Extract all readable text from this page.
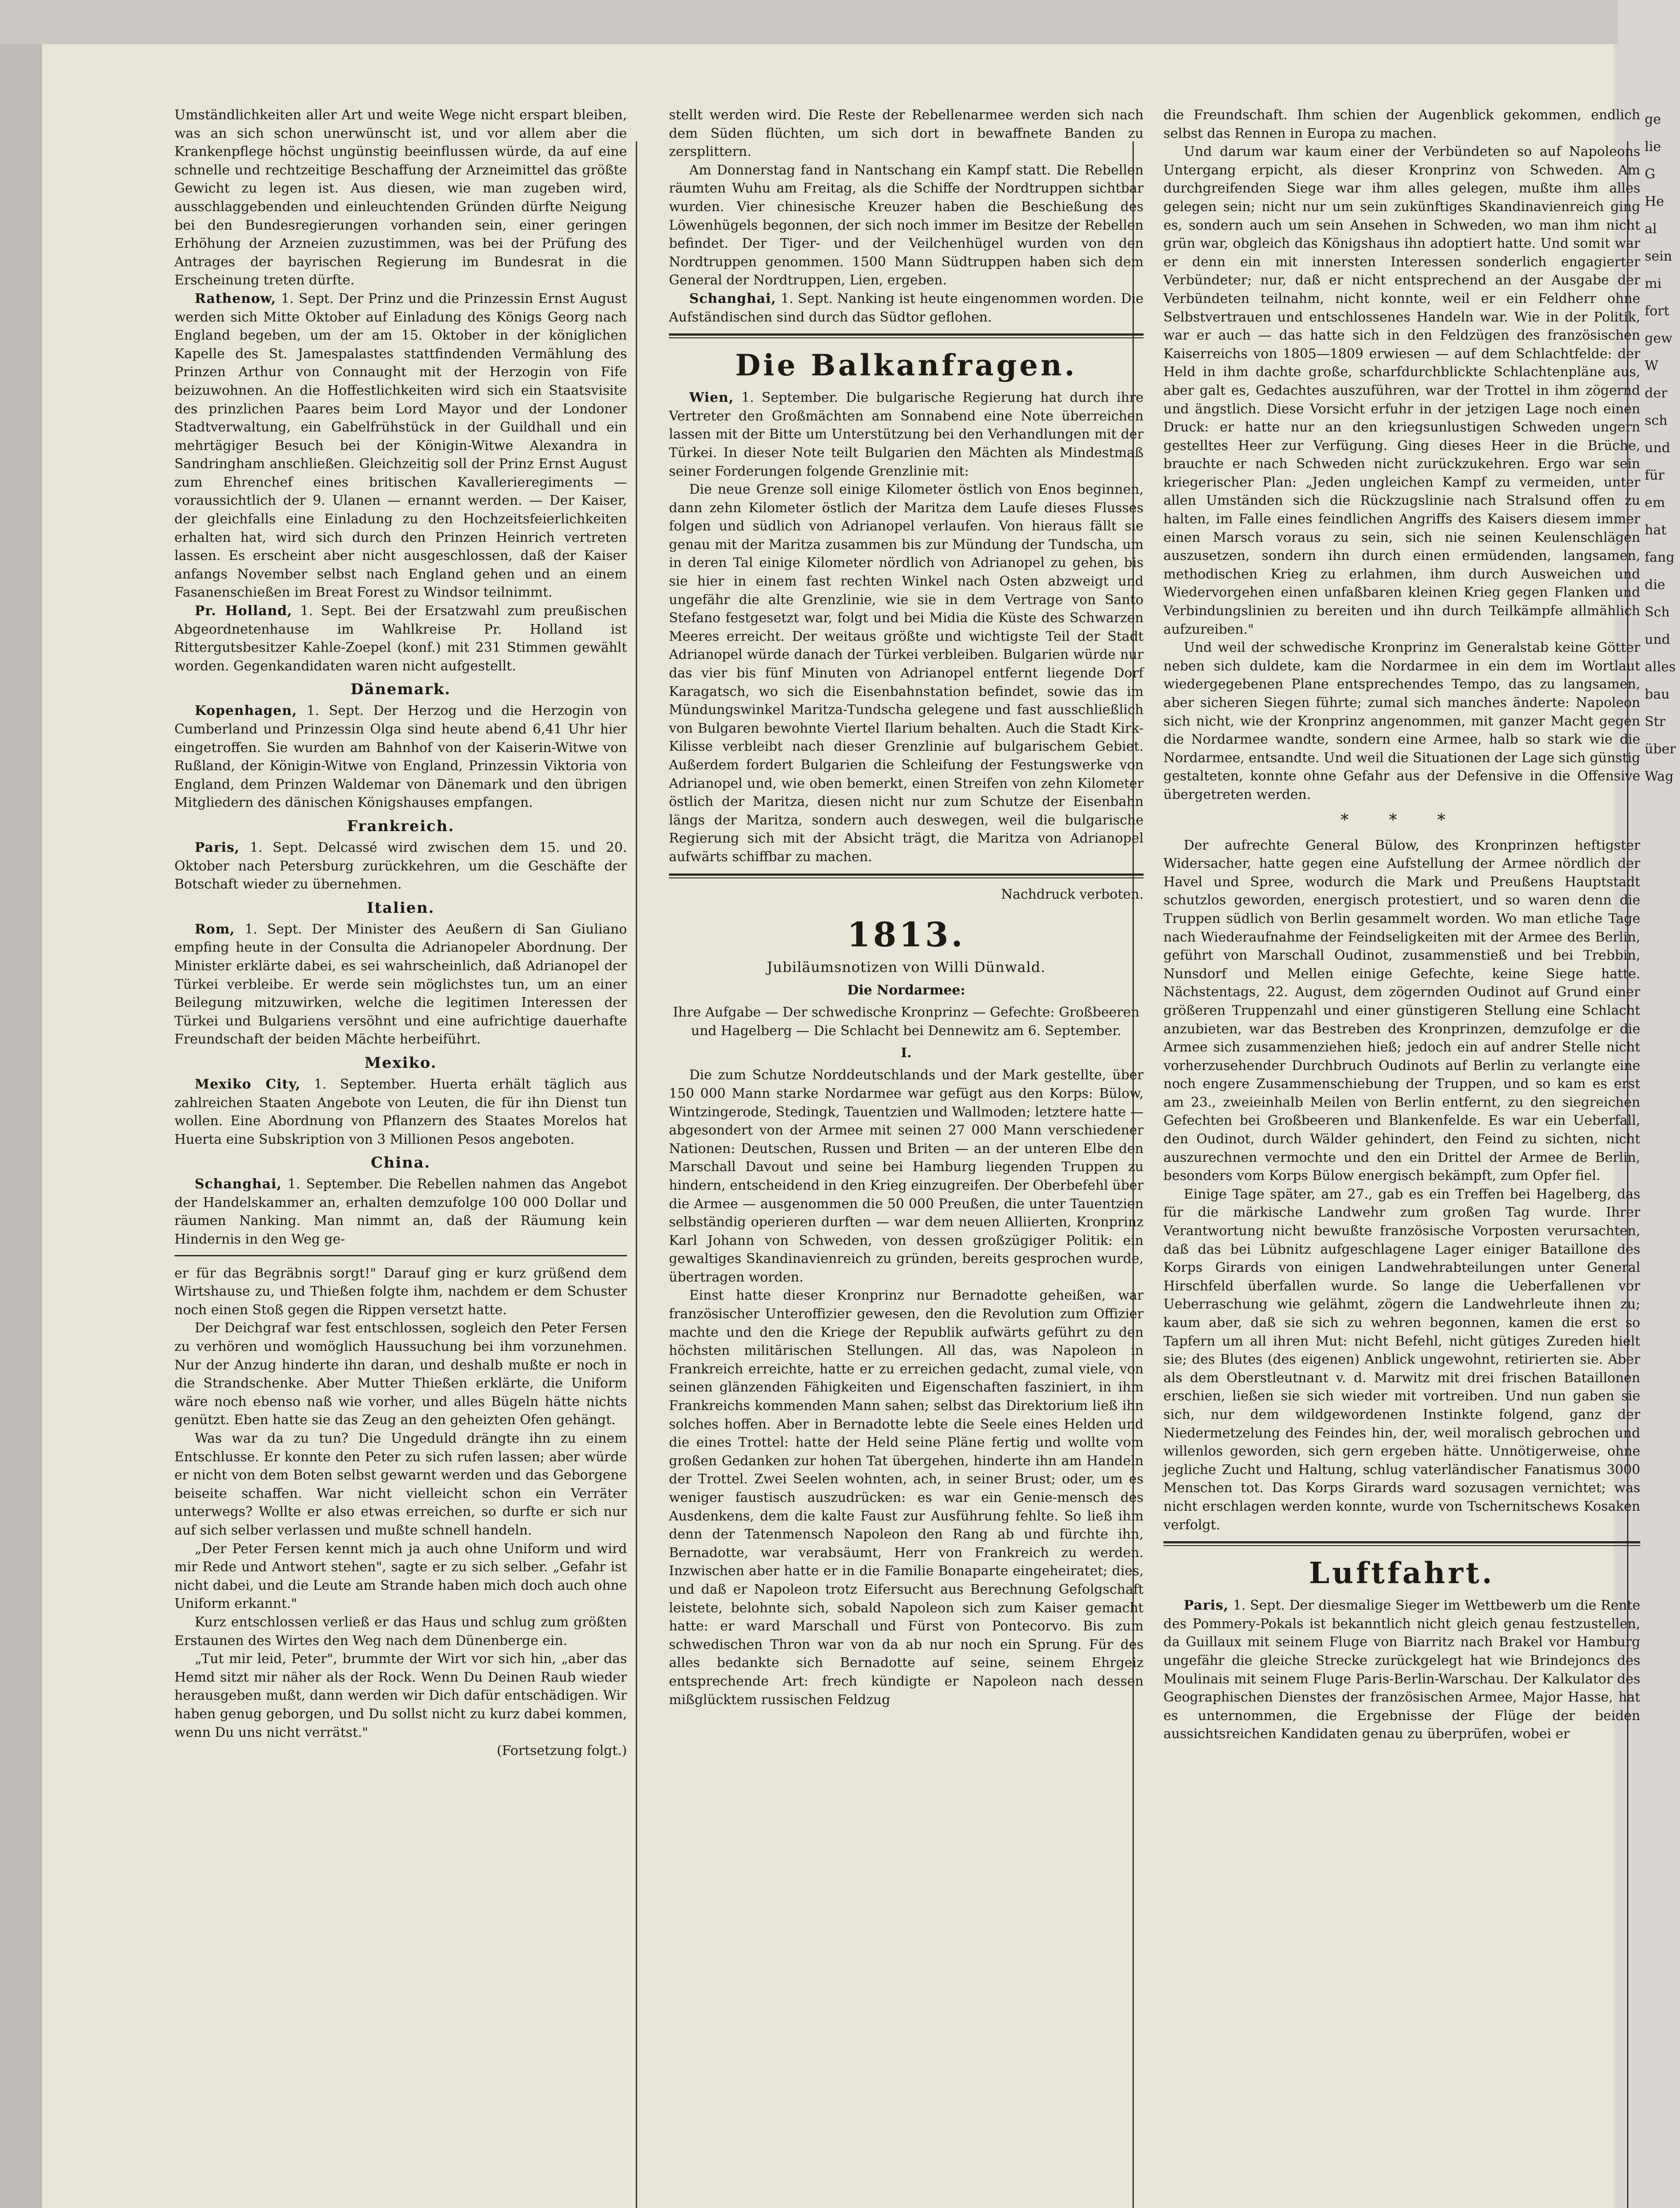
Umständlichkeiten aller Art und weite Wege nicht erspart bleiben, was an sich schon unerwünscht ist, und vor allem aber die Krankenpflege höchst ungünstig beeinflussen würde, da auf eine schnelle und rechtzeitige Beschaffung der Arzneimittel das größte Gewicht zu legen ist. Aus diesen, wie man zugeben wird, ausschlaggebenden und einleuchtenden Gründen dürfte Neigung bei den Bundesregierungen vorhanden sein, einer geringen Erhöhung der Arzneien zuzustimmen, was bei der Prüfung des Antrages der bayrischen Regierung im Bundesrat in die Erscheinung treten dürfte.

Rathenow, 1. Sept. Der Prinz und die Prinzessin Ernst August werden sich Mitte Oktober auf Einladung des Königs Georg nach England begeben, um der am 15. Oktober in der königlichen Kapelle des St. Jamespalastes stattfindenden Vermählung des Prinzen Arthur von Connaught mit der Herzogin von Fife beizuwohnen. An die Hoffestlichkeiten wird sich ein Staatsvisite des prinzlichen Paares beim Lord Mayor und der Londoner Stadtverwaltung, ein Gabelfrühstück in der Guildhall und ein mehrtägiger Besuch bei der Königin-Witwe Alexandra in Sandringham anschließen. Gleichzeitig soll der Prinz Ernst August zum Ehrenchef eines britischen Kavallerieregiments — voraussichtlich der 9. Ulanen — ernannt werden. — Der Kaiser, der gleichfalls eine Einladung zu den Hochzeitsfeierlichkeiten erhalten hat, wird sich durch den Prinzen Heinrich vertreten lassen. Es erscheint aber nicht ausgeschlossen, daß der Kaiser anfangs November selbst nach England gehen und an einem Fasanenschießen im Breat Forest zu Windsor teilnimmt.

Pr. Holland, 1. Sept. Bei der Ersatzwahl zum preußischen Abgeordnetenhause im Wahlkreise Pr. Holland ist Rittergutsbesitzer Kahle-Zoepel (konf.) mit 231 Stimmen gewählt worden. Gegenkandidaten waren nicht aufgestellt.

Dänemark.

Kopenhagen, 1. Sept. Der Herzog und die Herzogin von Cumberland und Prinzessin Olga sind heute abend 6,41 Uhr hier eingetroffen. Sie wurden am Bahnhof von der Kaiserin-Witwe von Rußland, der Königin-Witwe von England, Prinzessin Viktoria von England, dem Prinzen Waldemar von Dänemark und den übrigen Mitgliedern des dänischen Königshauses empfangen.

Frankreich.

Paris, 1. Sept. Delcassé wird zwischen dem 15. und 20. Oktober nach Petersburg zurückkehren, um die Geschäfte der Botschaft wieder zu übernehmen.

Italien.

Rom, 1. Sept. Der Minister des Aeußern di San Giuliano empfing heute in der Consulta die Adrianopeler Abordnung. Der Minister erklärte dabei, es sei wahrscheinlich, daß Adrianopel der Türkei verbleibe. Er werde sein möglichstes tun, um an einer Beilegung mitzuwirken, welche die legitimen Interessen der Türkei und Bulgariens versöhnt und eine aufrichtige dauerhafte Freundschaft der beiden Mächte herbeiführt.

Mexiko.

Mexiko City, 1. September. Huerta erhält täglich aus zahlreichen Staaten Angebote von Leuten, die für ihn Dienst tun wollen. Eine Abordnung von Pflanzern des Staates Morelos hat Huerta eine Subskription von 3 Millionen Pesos angeboten.

China.

Schanghai, 1. September. Die Rebellen nahmen das Angebot der Handelskammer an, erhalten demzufolge 100 000 Dollar und räumen Nanking. Man nimmt an, daß der Räumung kein Hindernis in den Weg ge-

er für das Begräbnis sorgt!" Darauf ging er kurz grüßend dem Wirtshause zu, und Thießen folgte ihm, nachdem er dem Schuster noch einen Stoß gegen die Rippen versetzt hatte.

Der Deichgraf war fest entschlossen, sogleich den Peter Fersen zu verhören und womöglich Haussuchung bei ihm vorzunehmen. Nur der Anzug hinderte ihn daran, und deshalb mußte er noch in die Strandschenke. Aber Mutter Thießen erklärte, die Uniform wäre noch ebenso naß wie vorher, und alles Bügeln hätte nichts genützt. Eben hatte sie das Zeug an den geheizten Ofen gehängt.

Was war da zu tun? Die Ungeduld drängte ihn zu einem Entschlusse. Er konnte den Peter zu sich rufen lassen; aber würde er nicht von dem Boten selbst gewarnt werden und das Geborgene beiseite schaffen. War nicht vielleicht schon ein Verräter unterwegs? Wollte er also etwas erreichen, so durfte er sich nur auf sich selber verlassen und mußte schnell handeln.

„Der Peter Fersen kennt mich ja auch ohne Uniform und wird mir Rede und Antwort stehen", sagte er zu sich selber. „Gefahr ist nicht dabei, und die Leute am Strande haben mich doch auch ohne Uniform erkannt."

Kurz entschlossen verließ er das Haus und schlug zum größten Erstaunen des Wirtes den Weg nach dem Dünenberge ein.

„Tut mir leid, Peter", brummte der Wirt vor sich hin, „aber das Hemd sitzt mir näher als der Rock. Wenn Du Deinen Raub wieder herausgeben mußt, dann werden wir Dich dafür entschädigen. Wir haben genug geborgen, und Du sollst nicht zu kurz dabei kommen, wenn Du uns nicht verrätst."

(Fortsetzung folgt.)

stellt werden wird. Die Reste der Rebellenarmee werden sich nach dem Süden flüchten, um sich dort in bewaffnete Banden zu zersplittern.

Am Donnerstag fand in Nantschang ein Kampf statt. Die Rebellen räumten Wuhu am Freitag, als die Schiffe der Nordtruppen sichtbar wurden. Vier chinesische Kreuzer haben die Beschießung des Löwenhügels begonnen, der sich noch immer im Besitze der Rebellen befindet. Der Tiger- und der Veilchenhügel wurden von den Nordtruppen genommen. 1500 Mann Südtruppen haben sich dem General der Nordtruppen, Lien, ergeben.

Schanghai, 1. Sept. Nanking ist heute eingenommen worden. Die Aufständischen sind durch das Südtor geflohen.

Die Balkanfragen.

Wien, 1. September. Die bulgarische Regierung hat durch ihre Vertreter den Großmächten am Sonnabend eine Note überreichen lassen mit der Bitte um Unterstützung bei den Verhandlungen mit der Türkei. In dieser Note teilt Bulgarien den Mächten als Mindestmaß seiner Forderungen folgende Grenzlinie mit:

Die neue Grenze soll einige Kilometer östlich von Enos beginnen, dann zehn Kilometer östlich der Maritza dem Laufe dieses Flusses folgen und südlich von Adrianopel verlaufen. Von hieraus fällt sie genau mit der Maritza zusammen bis zur Mündung der Tundscha, um in deren Tal einige Kilometer nördlich von Adrianopel zu gehen, bis sie hier in einem fast rechten Winkel nach Osten abzweigt und ungefähr die alte Grenzlinie, wie sie in dem Vertrage von Santo Stefano festgesetzt war, folgt und bei Midia die Küste des Schwarzen Meeres erreicht. Der weitaus größte und wichtigste Teil der Stadt Adrianopel würde danach der Türkei verbleiben. Bulgarien würde nur das vier bis fünf Minuten von Adrianopel entfernt liegende Dorf Karagatsch, wo sich die Eisenbahnstation befindet, sowie das im Mündungswinkel Maritza-Tundscha gelegene und fast ausschließlich von Bulgaren bewohnte Viertel Ilarium behalten. Auch die Stadt Kirk-Kilisse verbleibt nach dieser Grenzlinie auf bulgarischem Gebiet. Außerdem fordert Bulgarien die Schleifung der Festungswerke von Adrianopel und, wie oben bemerkt, einen Streifen von zehn Kilometer östlich der Maritza, diesen nicht nur zum Schutze der Eisenbahn längs der Maritza, sondern auch deswegen, weil die bulgarische Regierung sich mit der Absicht trägt, die Maritza von Adrianopel aufwärts schiffbar zu machen.

Nachdruck verboten.

1813.
Jubiläumsnotizen von Willi Dünwald.
Die Nordarmee:

Ihre Aufgabe — Der schwedische Kronprinz — Gefechte: Großbeeren und Hagelberg — Die Schlacht bei Dennewitz am 6. September.

I.

Die zum Schutze Norddeutschlands und der Mark gestellte, über 150 000 Mann starke Nordarmee war gefügt aus den Korps: Bülow, Wintzingerode, Stedingk, Tauentzien und Wallmoden; letztere hatte — abgesondert von der Armee mit seinen 27 000 Mann verschiedener Nationen: Deutschen, Russen und Briten — an der unteren Elbe den Marschall Davout und seine bei Hamburg liegenden Truppen zu hindern, entscheidend in den Krieg einzugreifen. Der Oberbefehl über die Armee — ausgenommen die 50 000 Preußen, die unter Tauentzien selbständig operieren durften — war dem neuen Alliierten, Kronprinz Karl Johann von Schweden, von dessen großzügiger Politik: ein gewaltiges Skandinavienreich zu gründen, bereits gesprochen wurde, übertragen worden.

Einst hatte dieser Kronprinz nur Bernadotte geheißen, war französischer Unteroffizier gewesen, den die Revolution zum Offizier machte und den die Kriege der Republik aufwärts geführt zu den höchsten militärischen Stellungen. All das, was Napoleon in Frankreich erreichte, hatte er zu erreichen gedacht, zumal viele, von seinen glänzenden Fähigkeiten und Eigenschaften fasziniert, in ihm Frankreichs kommenden Mann sahen; selbst das Direktorium ließ ihn solches hoffen. Aber in Bernadotte lebte die Seele eines Helden und die eines Trottel: hatte der Held seine Pläne fertig und wollte vom großen Gedanken zur hohen Tat übergehen, hinderte ihn am Handeln der Trottel. Zwei Seelen wohnten, ach, in seiner Brust; oder, um es weniger faustisch auszudrücken: es war ein Genie-mensch des Ausdenkens, dem die kalte Faust zur Ausführung fehlte. So ließ ihm denn der Tatenmensch Napoleon den Rang ab und fürchte ihn, Bernadotte, war verabsäumt, Herr von Frankreich zu werden. Inzwischen aber hatte er in die Familie Bonaparte eingeheiratet; dies, und daß er Napoleon trotz Eifersucht aus Berechnung Gefolgschaft leistete, belohnte sich, sobald Napoleon sich zum Kaiser gemacht hatte: er ward Marschall und Fürst von Pontecorvo. Bis zum schwedischen Thron war von da ab nur noch ein Sprung. Für des alles bedankte sich Bernadotte auf seine, seinem Ehrgeiz entsprechende Art: frech kündigte er Napoleon nach dessen mißglücktem russischen Feldzug

die Freundschaft. Ihm schien der Augenblick gekommen, endlich selbst das Rennen in Europa zu machen.

Und darum war kaum einer der Verbündeten so auf Napoleons Untergang erpicht, als dieser Kronprinz von Schweden. Am durchgreifenden Siege war ihm alles gelegen, mußte ihm alles gelegen sein; nicht nur um sein zukünftiges Skandinavienreich ging es, sondern auch um sein Ansehen in Schweden, wo man ihm nicht grün war, obgleich das Königshaus ihn adoptiert hatte. Und somit war er denn ein mit innersten Interessen sonderlich engagierter Verbündeter; nur, daß er nicht entsprechend an der Ausgabe der Verbündeten teilnahm, nicht konnte, weil er ein Feldherr ohne Selbstvertrauen und entschlossenes Handeln war. Wie in der Politik, war er auch — das hatte sich in den Feldzügen des französischen Kaiserreichs von 1805—1809 erwiesen — auf dem Schlachtfelde: der Held in ihm dachte große, scharfdurchblickte Schlachtenpläne aus, aber galt es, Gedachtes auszuführen, war der Trottel in ihm zögernd und ängstlich. Diese Vorsicht erfuhr in der jetzigen Lage noch einen Druck: er hatte nur an den kriegsunlustigen Schweden ungern gestelltes Heer zur Verfügung. Ging dieses Heer in die Brüche, brauchte er nach Schweden nicht zurückzukehren. Ergo war sein kriegerischer Plan: „Jeden ungleichen Kampf zu vermeiden, unter allen Umständen sich die Rückzugslinie nach Stralsund offen zu halten, im Falle eines feindlichen Angriffs des Kaisers diesem immer einen Marsch voraus zu sein, sich nie seinen Keulenschlägen auszusetzen, sondern ihn durch einen ermüdenden, langsamen, methodischen Krieg zu erlahmen, ihm durch Ausweichen und Wiedervorgehen einen unfaßbaren kleinen Krieg gegen Flanken und Verbindungslinien zu bereiten und ihn durch Teilkämpfe allmählich aufzureiben."

Und weil der schwedische Kronprinz im Generalstab keine Götter neben sich duldete, kam die Nordarmee in ein dem im Wortlaut wiedergegebenen Plane entsprechendes Tempo, das zu langsamen, aber sicheren Siegen führte; zumal sich manches änderte: Napoleon sich nicht, wie der Kronprinz angenommen, mit ganzer Macht gegen die Nordarmee wandte, sondern eine Armee, halb so stark wie die Nordarmee, entsandte. Und weil die Situationen der Lage sich günstig gestalteten, konnte ohne Gefahr aus der Defensive in die Offensive übergetreten werden.

* * *

Der aufrechte General Bülow, des Kronprinzen heftigster Widersacher, hatte gegen eine Aufstellung der Armee nördlich der Havel und Spree, wodurch die Mark und Preußens Hauptstadt schutzlos geworden, energisch protestiert, und so waren denn die Truppen südlich von Berlin gesammelt worden. Wo man etliche Tage nach Wiederaufnahme der Feindseligkeiten mit der Armee des Berlin, geführt von Marschall Oudinot, zusammenstieß und bei Trebbin, Nunsdorf und Mellen einige Gefechte, keine Siege hatte. Nächstentags, 22. August, dem zögernden Oudinot auf Grund einer größeren Truppenzahl und einer günstigeren Stellung eine Schlacht anzubieten, war das Bestreben des Kronprinzen, demzufolge er die Armee sich zusammenziehen hieß; jedoch ein auf andrer Stelle nicht vorherzusehender Durchbruch Oudinots auf Berlin zu verlangte eine noch engere Zusammenschiebung der Truppen, und so kam es erst am 23., zweieinhalb Meilen von Berlin entfernt, zu den siegreichen Gefechten bei Großbeeren und Blankenfelde. Es war ein Ueberfall, den Oudinot, durch Wälder gehindert, den Feind zu sichten, nicht auszurechnen vermochte und den ein Drittel der Armee de Berlin, besonders vom Korps Bülow energisch bekämpft, zum Opfer fiel.

Einige Tage später, am 27., gab es ein Treffen bei Hagelberg, das für die märkische Landwehr zum großen Tag wurde. Ihrer Verantwortung nicht bewußte französische Vorposten verursachten, daß das bei Lübnitz aufgeschlagene Lager einiger Bataillone des Korps Girards von einigen Landwehrabteilungen unter General Hirschfeld überfallen wurde. So lange die Ueberfallenen vor Ueberraschung wie gelähmt, zögern die Landwehrleute ihnen zu; kaum aber, daß sie sich zu wehren begonnen, kamen die erst so Tapfern um all ihren Mut: nicht Befehl, nicht gütiges Zureden hielt sie; des Blutes (des eigenen) Anblick ungewohnt, retirierten sie. Aber als dem Oberstleutnant v. d. Marwitz mit drei frischen Bataillonen erschien, ließen sie sich wieder mit vortreiben. Und nun gaben sie sich, nur dem wildgewordenen Instinkte folgend, ganz der Niedermetzelung des Feindes hin, der, weil moralisch gebrochen und willenlos geworden, sich gern ergeben hätte. Unnötigerweise, ohne jegliche Zucht und Haltung, schlug vaterländischer Fanatismus 3000 Menschen tot. Das Korps Girards ward sozusagen vernichtet; was nicht erschlagen werden konnte, wurde von Tschernitschews Kosaken verfolgt.

Luftfahrt.

Paris, 1. Sept. Der diesmalige Sieger im Wettbewerb um die Rente des Pommery-Pokals ist bekanntlich nicht gleich genau festzustellen, da Guillaux mit seinem Fluge von Biarritz nach Brakel vor Hamburg ungefähr die gleiche Strecke zurückgelegt hat wie Brindejoncs des Moulinais mit seinem Fluge Paris-Berlin-Warschau. Der Kalkulator des Geographischen Dienstes der französischen Armee, Major Hasse, hat es unternommen, die Ergebnisse der Flüge der beiden aussichtsreichen Kandidaten genau zu überprüfen, wobei er

ge
lie
G
He
al
sein
mi
fort
gew
W
der
sch
und
für
em
hat
fang
die
Sch
und
alles
bau
Str
über
Wag
